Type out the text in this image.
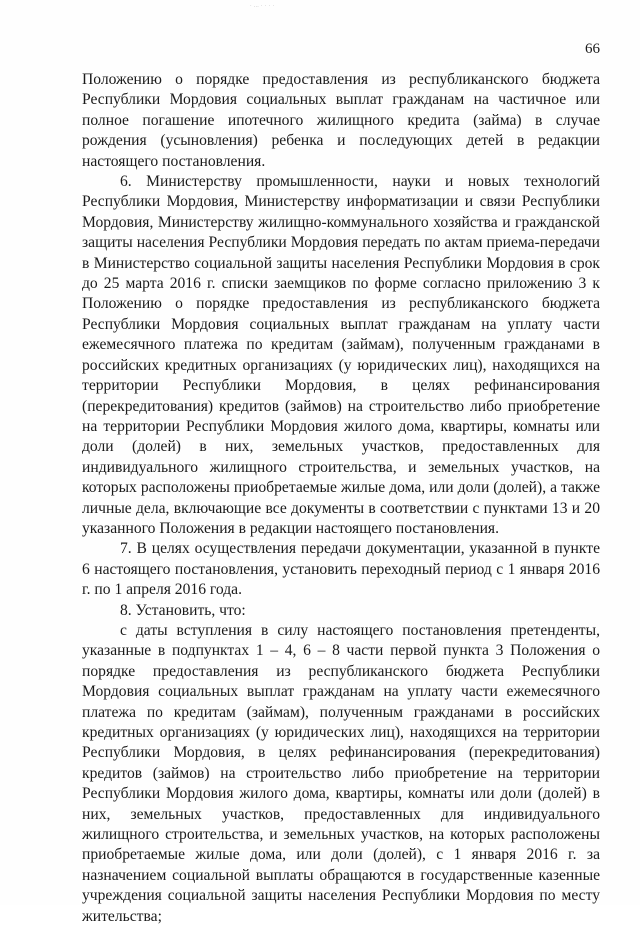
· ... · · · ·
66

Положению о порядке предоставления из республиканского бюджета Республики Мордовия социальных выплат гражданам на частичное или полное погашение ипотечного жилищного кредита (займа) в случае рождения (усыновления) ребенка и последующих детей в редакции настоящего постановления.

6. Министерству промышленности, науки и новых технологий Республики Мордовия, Министерству информатизации и связи Республики Мордовия, Министерству жилищно-коммунального хозяйства и гражданской защиты населения Республики Мордовия передать по актам приема-передачи в Министерство социальной защиты населения Республики Мордовия в срок до 25 марта 2016 г. списки заемщиков по форме согласно приложению 3 к Положению о порядке предоставления из республиканского бюджета Республики Мордовия социальных выплат гражданам на уплату части ежемесячного платежа по кредитам (займам), полученным гражданами в российских кредитных организациях (у юридических лиц), находящихся на территории Республики Мордовия, в целях рефинансирования (перекредитования) кредитов (займов) на строительство либо приобретение на территории Республики Мордовия жилого дома, квартиры, комнаты или доли (долей) в них, земельных участков, предоставленных для индивидуального жилищного строительства, и земельных участков, на которых расположены приобретаемые жилые дома, или доли (долей), а также личные дела, включающие все документы в соответствии с пунктами 13 и 20 указанного Положения в редакции настоящего постановления.

7. В целях осуществления передачи документации, указанной в пункте 6 настоящего постановления, установить переходный период с 1 января 2016 г. по 1 апреля 2016 года.

8. Установить, что:

с даты вступления в силу настоящего постановления претенденты, указанные в подпунктах 1 – 4, 6 – 8 части первой пункта 3 Положения о порядке предоставления из республиканского бюджета Республики Мордовия социальных выплат гражданам на уплату части ежемесячного платежа по кредитам (займам), полученным гражданами в российских кредитных организациях (у юридических лиц), находящихся на территории Республики Мордовия, в целях рефинансирования (перекредитования) кредитов (займов) на строительство либо приобретение на территории Республики Мордовия жилого дома, квартиры, комнаты или доли (долей) в них, земельных участков, предоставленных для индивидуального жилищного строительства, и земельных участков, на которых расположены приобретаемые жилые дома, или доли (долей), с 1 января 2016 г. за назначением социальной выплаты обращаются в государственные казенные учреждения социальной защиты населения Республики Мордовия по месту жительства;
